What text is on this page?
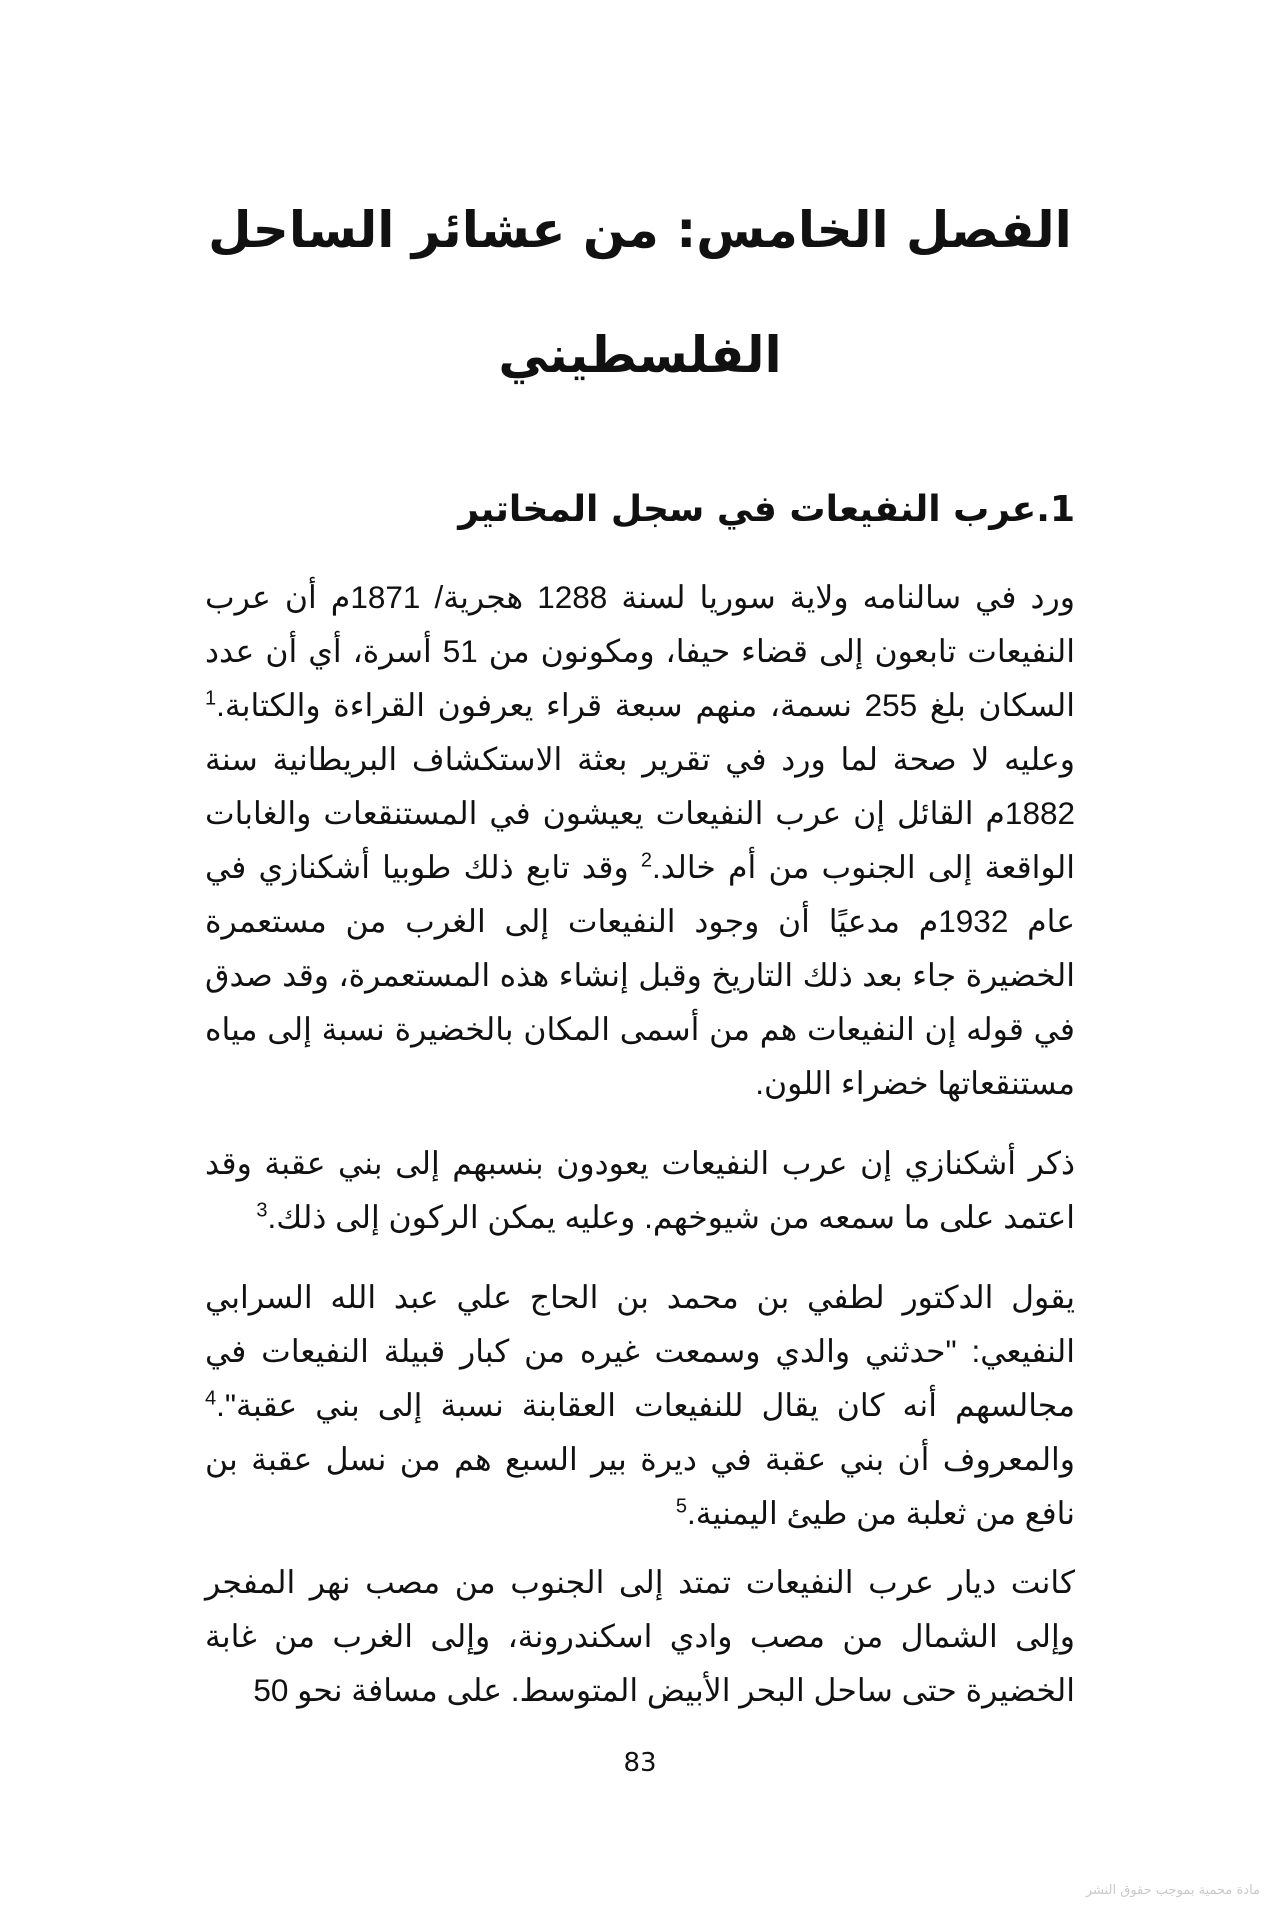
الفصل الخامس: من عشائر الساحل
الفلسطيني
1.عرب النفيعات في سجل المخاتير

ورد في سالنامه ولاية سوريا لسنة 1288 هجرية/ 1871م أن عرب النفيعات تابعون إلى قضاء حيفا، ومكونون من 51 أسرة، أي أن عدد السكان بلغ 255 نسمة، منهم سبعة قراء يعرفون القراءة والكتابة.$^1$ وعليه لا صحة لما ورد في تقرير بعثة الاستكشاف البريطانية سنة 1882م القائل إن عرب النفيعات يعيشون في المستنقعات والغابات الواقعة إلى الجنوب من أم خالد.$^2$ وقد تابع ذلك طوبيا أشكنازي في عام 1932م مدعيًا أن وجود النفيعات إلى الغرب من مستعمرة الخضيرة جاء بعد ذلك التاريخ وقبل إنشاء هذه المستعمرة، وقد صدق في قوله إن النفيعات هم من أسمى المكان بالخضيرة نسبة إلى مياه مستنقعاتها خضراء اللون.

ذكر أشكنازي إن عرب النفيعات يعودون بنسبهم إلى بني عقبة وقد اعتمد على ما سمعه من شيوخهم. وعليه يمكن الركون إلى ذلك.$^3$

يقول الدكتور لطفي بن محمد بن الحاج علي عبد الله السرابي النفيعي: "حدثني والدي وسمعت غيره من كبار قبيلة النفيعات في مجالسهم أنه كان يقال للنفيعات العقابنة نسبة إلى بني عقبة".$^4$ والمعروف أن بني عقبة في ديرة بير السبع هم من نسل عقبة بن نافع من ثعلبة من طيئ اليمنية.$^5$

كانت ديار عرب النفيعات تمتد إلى الجنوب من مصب نهر المفجر وإلى الشمال من مصب وادي اسكندرونة، وإلى الغرب من غابة الخضيرة حتى ساحل البحر الأبيض المتوسط. على مسافة نحو 50

83
مادة محمية بموجب حقوق النشر
